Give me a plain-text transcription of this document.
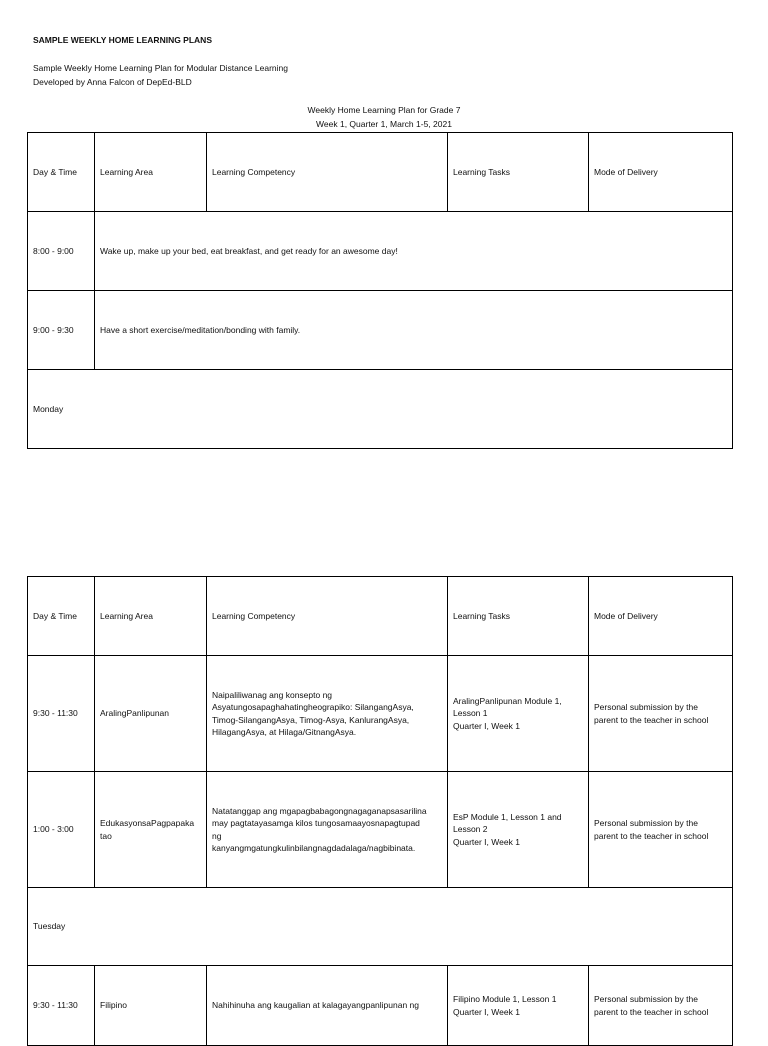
SAMPLE WEEKLY HOME LEARNING PLANS
Sample Weekly Home Learning Plan for Modular Distance Learning
Developed by Anna Falcon of DepEd-BLD
Weekly Home Learning Plan for Grade 7
Week 1, Quarter 1, March 1-5, 2021
Day & Time	Learning Area	Learning Competency	Learning Tasks	Mode of Delivery
8:00 - 9:00	Wake up, make up your bed, eat breakfast, and get ready for an awesome day!			
9:00 - 9:30	Have a short exercise/meditation/bonding with family.			
Monday				
Day & Time	Learning Area	Learning Competency	Learning Tasks	Mode of Delivery
9:30 - 11:30	AralingPanlipunan	Naipaliliwanag ang konsepto ng
Asyatungosapaghahatingheograpiko: SilangangAsya,
Timog-SilangangAsya, Timog-Asya, KanlurangAsya,
HilagangAsya, at Hilaga/GitnangAsya.	AralingPanlipunan Module 1,
Lesson 1
Quarter I, Week 1	Personal submission by the
parent to the teacher in school

1:00 - 3:00	EdukasyonsaPagpapaka
tao	Natatanggap ang mgapagbabagongnagaganapsasarilina
may pagtatayasamga kilos tungosamaayosnapagtupad
ng
kanyangmgatungkulinbilangnagdadalaga/nagbibinata.	EsP Module 1, Lesson 1 and
Lesson 2
Quarter I, Week 1	Personal submission by the
parent to the teacher in school

Tuesday				
9:30 - 11:30	Filipino	Nahihinuha ang kaugalian at kalagayangpanlipunan ng	Filipino Module 1, Lesson 1
Quarter I, Week 1	Personal submission by the
parent to the teacher in school
